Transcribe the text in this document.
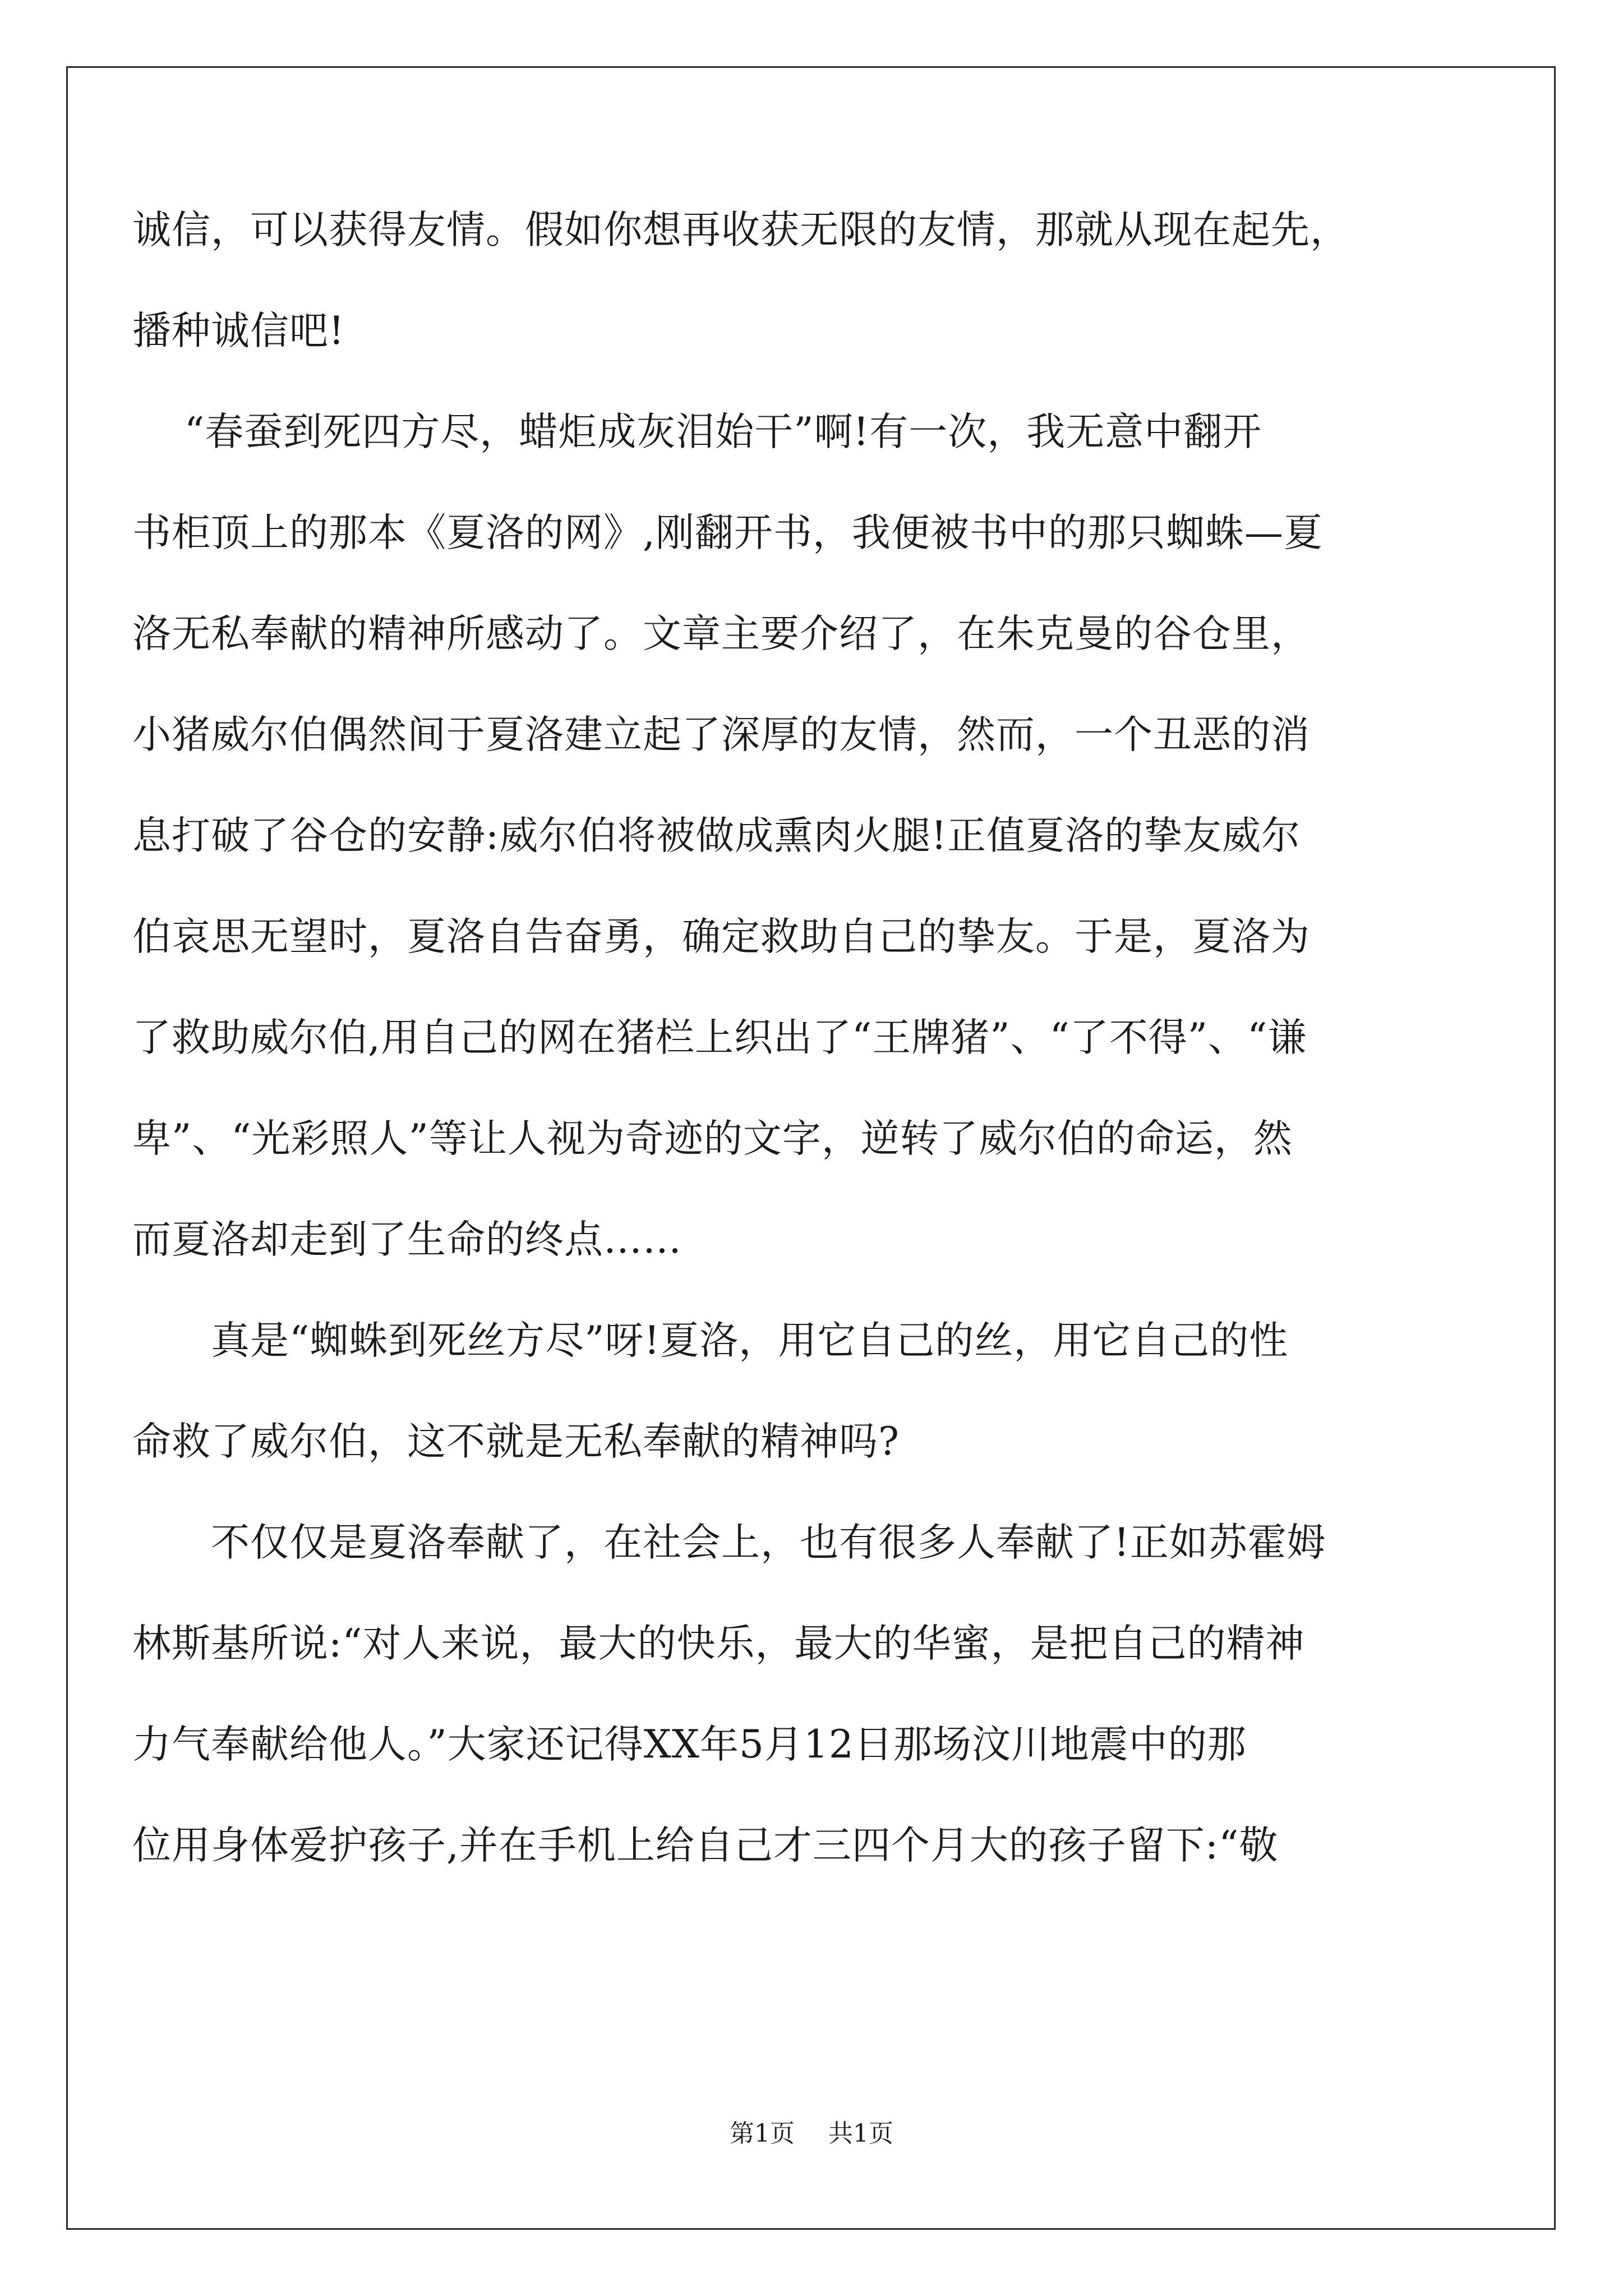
诚信，可以获得友情。假如你想再收获无限的友情，那就从现在起先，
播种诚信吧!
　 “春蚕到死四方尽，蜡炬成灰泪始干”啊!有一次，我无意中翻开
书柜顶上的那本《夏洛的网》,刚翻开书，我便被书中的那只蜘蛛—夏
洛无私奉献的精神所感动了。文章主要介绍了，在朱克曼的谷仓里，
小猪威尔伯偶然间于夏洛建立起了深厚的友情，然而，一个丑恶的消
息打破了谷仓的安静:威尔伯将被做成熏肉火腿!正值夏洛的挚友威尔
伯哀思无望时，夏洛自告奋勇，确定救助自己的挚友。于是，夏洛为
了救助威尔伯,用自己的网在猪栏上织出了“王牌猪”、“了不得”、“谦
卑”、“光彩照人”等让人视为奇迹的文字，逆转了威尔伯的命运，然
而夏洛却走到了生命的终点……
　　真是“蜘蛛到死丝方尽”呀!夏洛，用它自己的丝，用它自己的性
命救了威尔伯，这不就是无私奉献的精神吗?
　　不仅仅是夏洛奉献了，在社会上，也有很多人奉献了!正如苏霍姆
林斯基所说:“对人来说，最大的快乐，最大的华蜜，是把自己的精神
力气奉献给他人。”大家还记得XX年5月12日那场汶川地震中的那
位用身体爱护孩子,并在手机上给自己才三四个月大的孩子留下:“敬
第1页 共1页
